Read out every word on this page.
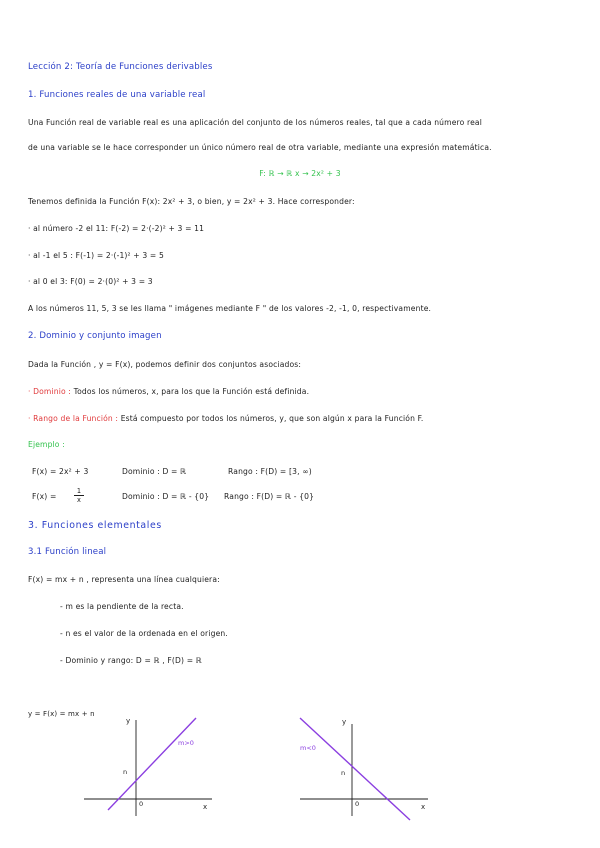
Lección 2: Teoría de Funciones derivables
1. Funciones reales de una variable real
Una Función real de variable real es una aplicación del conjunto de los números reales, tal que a cada número real
de una variable se le hace corresponder un único número real de otra variable, mediante una expresión matemática.
F: ℝ → ℝ x → 2x² + 3
Tenemos definida la Función F(x): 2x² + 3, o bien, y = 2x² + 3. Hace corresponder:
· al número -2 el 11: F(-2) = 2·(-2)² + 3 = 11
· al -1 el 5 : F(-1) = 2·(-1)² + 3 = 5
· al 0 el 3: F(0) = 2·(0)² + 3 = 3
A los números 11, 5, 3 se les llama " imágenes mediante F " de los valores -2, -1, 0, respectivamente.
2. Dominio y conjunto imagen
Dada la Función , y = F(x), podemos definir dos conjuntos asociados:
· Dominio : Todos los números, x, para los que la Función está definida.
· Rango de la Función : Está compuesto por todos los números, y, que son algún x para la Función F.
Ejemplo :
F(x) = 2x² + 3	Dominio : D = ℝ	Rango : F(D) = [3, ∞)
F(x) =	$\frac{1}{x}$	Dominio : D = ℝ - {0} Rango : F(D) = ℝ - {0}
3. Funciones elementales
3.1 Función lineal
F(x) = mx + n , representa una línea cualquiera:
- m es la pendiente de la recta.
- n es el valor de la ordenada en el origen.
- Dominio y rango: D = ℝ , F(D) = ℝ
y = F(x) = mx + n
y
x
n
0
m>0
y
x
n
0
m<0
